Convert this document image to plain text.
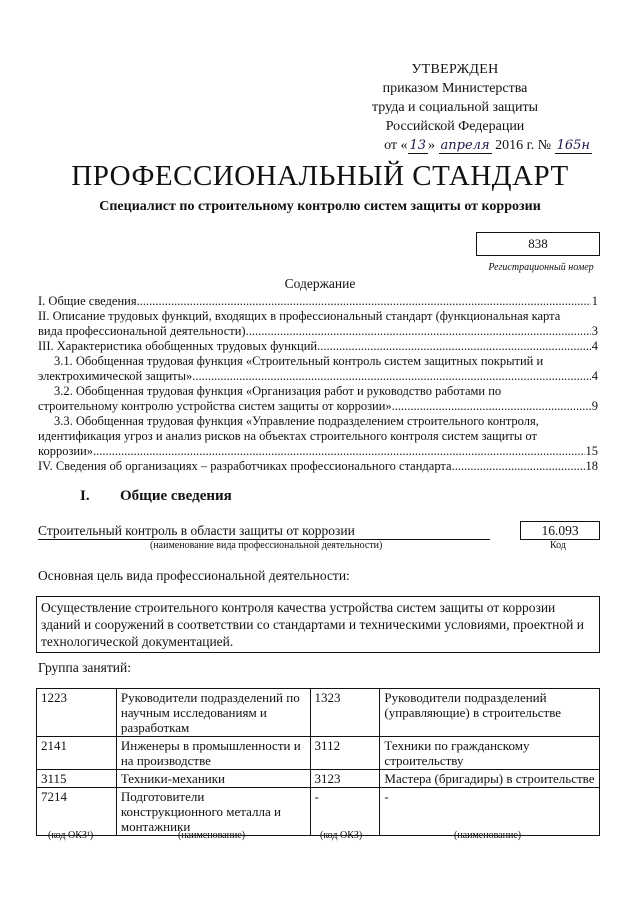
УТВЕРЖДЕН
приказом Министерства
труда и социальной защиты
Российской Федерации
от « 13 » апреля 2016 г. № 165н
ПРОФЕССИОНАЛЬНЫЙ СТАНДАРТ
Специалист по строительному контролю систем защиты от коррозии
838
Регистрационный номер
Содержание
I. Общие сведения .....	1
II. Описание трудовых функций, входящих в профессиональный стандарт (функциональная карта
вида профессиональной деятельности) .....	3
III. Характеристика обобщенных трудовых функций .....	4
3.1. Обобщенная трудовая функция «Строительный контроль систем защитных покрытий и
электрохимической защиты» .....	4
3.2. Обобщенная трудовая функция «Организация работ и руководство работами по
строительному контролю устройства систем защиты от коррозии» .....	9
3.3. Обобщенная трудовая функция «Управление подразделением строительного контроля,
идентификация угроз и анализ рисков на объектах строительного контроля систем защиты от
коррозии» .....	15
IV. Сведения об организациях – разработчиках профессионального стандарта .....	18
I. Общие сведения
Строительный контроль в области защиты от коррозии
(наименование вида профессиональной деятельности)
16.093
Код
Основная цель вида профессиональной деятельности:
Осуществление строительного контроля качества устройства систем защиты от коррозии зданий и сооружений в соответствии со стандартами и техническими условиями, проектной и технологической документацией.
Группа занятий:
1223	Руководители подразделений по научным исследованиям и разработкам	1323	Руководители подразделений (управляющие) в строительстве
2141	Инженеры в промышленности и на производстве	3112	Техники по гражданскому строительству
3115	Техники-механики	3123	Мастера (бригадиры) в строительстве
7214	Подготовители конструкционного металла и монтажники	-	-
(код ОКЗ¹)	(наименование)	(код ОКЗ)	(наименование)
